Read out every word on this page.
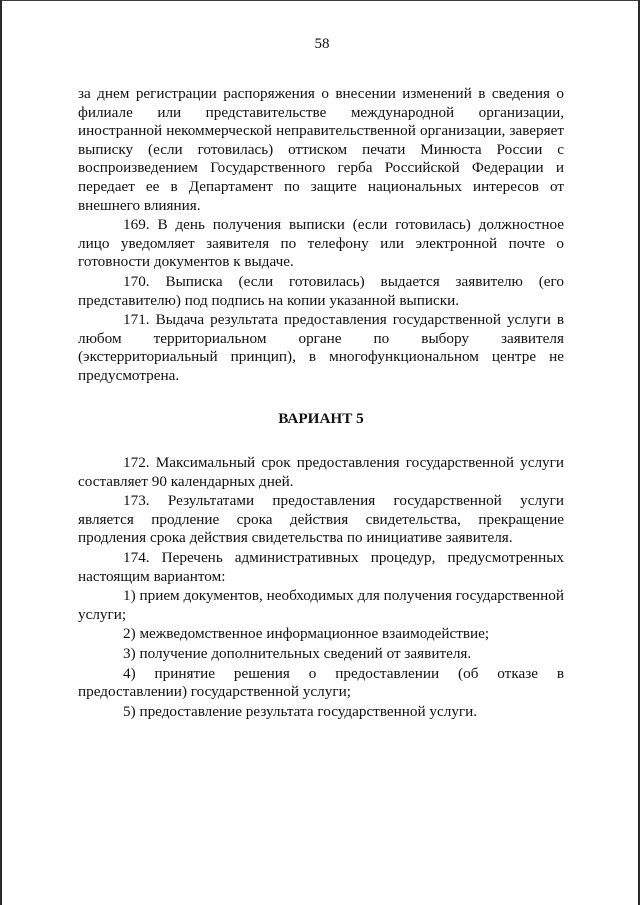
58

за днем регистрации распоряжения о внесении изменений в сведения о филиале или представительстве международной организации, иностранной некоммерческой неправительственной организации, заверяет выписку (если готовилась) оттиском печати Минюста России с воспроизведением Государственного герба Российской Федерации и передает ее в Департамент по защите национальных интересов от внешнего влияния.

169. В день получения выписки (если готовилась) должностное лицо уведомляет заявителя по телефону или электронной почте о готовности документов к выдаче.

170. Выписка (если готовилась) выдается заявителю (его представителю) под подпись на копии указанной выписки.

171. Выдача результата предоставления государственной услуги в любом территориальном органе по выбору заявителя (экстерриториальный принцип), в многофункциональном центре не предусмотрена.

ВАРИАНТ 5

172. Максимальный срок предоставления государственной услуги составляет 90 календарных дней.

173. Результатами предоставления государственной услуги является продление срока действия свидетельства, прекращение продления срока действия свидетельства по инициативе заявителя.

174. Перечень административных процедур, предусмотренных настоящим вариантом:

1) прием документов, необходимых для получения государственной услуги;

2) межведомственное информационное взаимодействие;

3) получение дополнительных сведений от заявителя.

4) принятие решения о предоставлении (об отказе в предоставлении) государственной услуги;

5) предоставление результата государственной услуги.
